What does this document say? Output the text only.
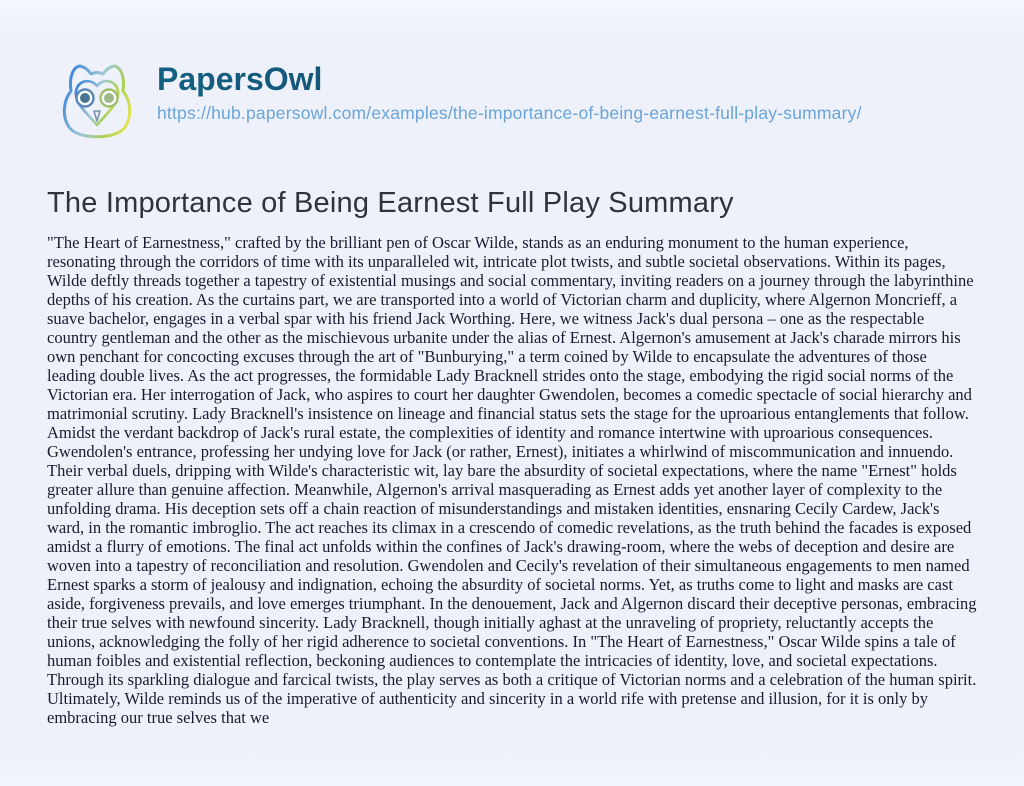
PapersOwl
https://hub.papersowl.com/examples/the-importance-of-being-earnest-full-play-summary/
The Importance of Being Earnest Full Play Summary

"The Heart of Earnestness," crafted by the brilliant pen of Oscar Wilde, stands as an enduring monument to the human experience, resonating through the corridors of time with its unparalleled wit, intricate plot twists, and subtle societal observations. Within its pages, Wilde deftly threads together a tapestry of existential musings and social commentary, inviting readers on a journey through the labyrinthine depths of his creation. As the curtains part, we are transported into a world of Victorian charm and duplicity, where Algernon Moncrieff, a suave bachelor, engages in a verbal spar with his friend Jack Worthing. Here, we witness Jack's dual persona – one as the respectable country gentleman and the other as the mischievous urbanite under the alias of Ernest. Algernon's amusement at Jack's charade mirrors his own penchant for concocting excuses through the art of "Bunburying," a term coined by Wilde to encapsulate the adventures of those leading double lives. As the act progresses, the formidable Lady Bracknell strides onto the stage, embodying the rigid social norms of the Victorian era. Her interrogation of Jack, who aspires to court her daughter Gwendolen, becomes a comedic spectacle of social hierarchy and matrimonial scrutiny. Lady Bracknell's insistence on lineage and financial status sets the stage for the uproarious entanglements that follow. Amidst the verdant backdrop of Jack's rural estate, the complexities of identity and romance intertwine with uproarious consequences. Gwendolen's entrance, professing her undying love for Jack (or rather, Ernest), initiates a whirlwind of miscommunication and innuendo. Their verbal duels, dripping with Wilde's characteristic wit, lay bare the absurdity of societal expectations, where the name "Ernest" holds greater allure than genuine affection. Meanwhile, Algernon's arrival masquerading as Ernest adds yet another layer of complexity to the unfolding drama. His deception sets off a chain reaction of misunderstandings and mistaken identities, ensnaring Cecily Cardew, Jack's ward, in the romantic imbroglio. The act reaches its climax in a crescendo of comedic revelations, as the truth behind the facades is exposed amidst a flurry of emotions. The final act unfolds within the confines of Jack's drawing-room, where the webs of deception and desire are woven into a tapestry of reconciliation and resolution. Gwendolen and Cecily's revelation of their simultaneous engagements to men named Ernest sparks a storm of jealousy and indignation, echoing the absurdity of societal norms. Yet, as truths come to light and masks are cast aside, forgiveness prevails, and love emerges triumphant. In the denouement, Jack and Algernon discard their deceptive personas, embracing their true selves with newfound sincerity. Lady Bracknell, though initially aghast at the unraveling of propriety, reluctantly accepts the unions, acknowledging the folly of her rigid adherence to societal conventions. In "The Heart of Earnestness," Oscar Wilde spins a tale of human foibles and existential reflection, beckoning audiences to contemplate the intricacies of identity, love, and societal expectations. Through its sparkling dialogue and farcical twists, the play serves as both a critique of Victorian norms and a celebration of the human spirit. Ultimately, Wilde reminds us of the imperative of authenticity and sincerity in a world rife with pretense and illusion, for it is only by embracing our true selves that we
